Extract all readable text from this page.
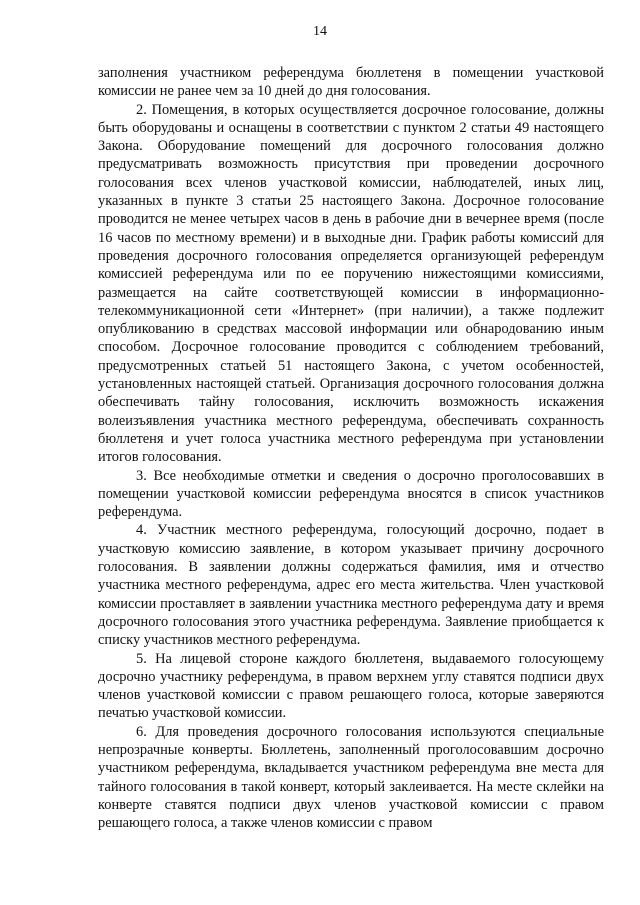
14

заполнения участником референдума бюллетеня в помещении участковой комиссии не ранее чем за 10 дней до дня голосования.

2. Помещения, в которых осуществляется досрочное голосование, должны быть оборудованы и оснащены в соответствии с пунктом 2 статьи 49 настоящего Закона. Оборудование помещений для досрочного голосования должно предусматривать возможность присутствия при проведении досрочного голосования всех членов участковой комиссии, наблюдателей, иных лиц, указанных в пункте 3 статьи 25 настоящего Закона. Досрочное голосование проводится не менее четырех часов в день в рабочие дни в вечернее время (после 16 часов по местному времени) и в выходные дни. График работы комиссий для проведения досрочного голосования определяется организующей референдум комиссией референдума или по ее поручению нижестоящими комиссиями, размещается на сайте соответствующей комиссии в информационно-телекоммуникационной сети «Интернет» (при наличии), а также подлежит опубликованию в средствах массовой информации или обнародованию иным способом. Досрочное голосование проводится с соблюдением требований, предусмотренных статьей 51 настоящего Закона, с учетом особенностей, установленных настоящей статьей. Организация досрочного голосования должна обеспечивать тайну голосования, исключить возможность искажения волеизъявления участника местного референдума, обеспечивать сохранность бюллетеня и учет голоса участника местного референдума при установлении итогов голосования.

3. Все необходимые отметки и сведения о досрочно проголосовавших в помещении участковой комиссии референдума вносятся в список участников референдума.

4. Участник местного референдума, голосующий досрочно, подает в участковую комиссию заявление, в котором указывает причину досрочного голосования. В заявлении должны содержаться фамилия, имя и отчество участника местного референдума, адрес его места жительства. Член участковой комиссии проставляет в заявлении участника местного референдума дату и время досрочного голосования этого участника референдума. Заявление приобщается к списку участников местного референдума.

5. На лицевой стороне каждого бюллетеня, выдаваемого голосующему досрочно участнику референдума, в правом верхнем углу ставятся подписи двух членов участковой комиссии с правом решающего голоса, которые заверяются печатью участковой комиссии.

6. Для проведения досрочного голосования используются специальные непрозрачные конверты. Бюллетень, заполненный проголосовавшим досрочно участником референдума, вкладывается участником референдума вне места для тайного голосования в такой конверт, который заклеивается. На месте склейки на конверте ставятся подписи двух членов участковой комиссии с правом решающего голоса, а также членов комиссии с правом
